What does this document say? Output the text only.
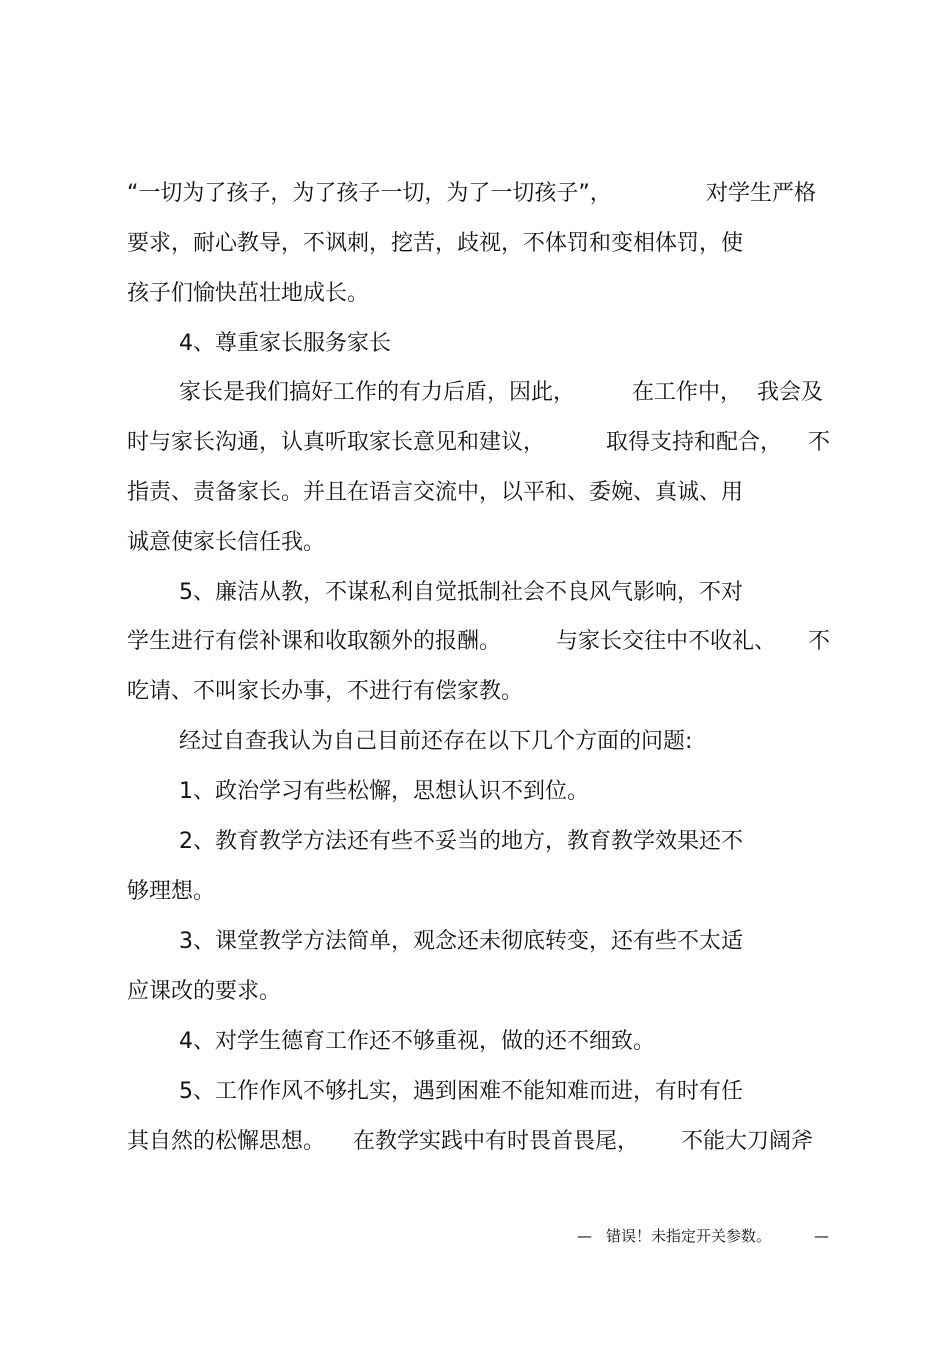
“一切为了孩子，为了孩子一切，为了一切孩子”，	对学生严格
要求，耐心教导，不讽刺，挖苦，歧视，不体罚和变相体罚，使
孩子们愉快茁壮地成长。
4、尊重家长服务家长
家长是我们搞好工作的有力后盾，因此，	在工作中， 我会及
时与家长沟通，认真听取家长意见和建议，	取得支持和配合， 不
指责、责备家长。并且在语言交流中，以平和、委婉、真诚、用
诚意使家长信任我。
5、廉洁从教，不谋私利自觉抵制社会不良风气影响，不对
学生进行有偿补课和收取额外的报酬。 与家长交往中不收礼、 不
吃请、不叫家长办事，不进行有偿家教。
经过自查我认为自己目前还存在以下几个方面的问题:
1、政治学习有些松懈，思想认识不到位。
2、教育教学方法还有些不妥当的地方，教育教学效果还不
够理想。
3、课堂教学方法简单，观念还未彻底转变，还有些不太适
应课改的要求。
4、对学生德育工作还不够重视，做的还不细致。
5、工作作风不够扎实，遇到困难不能知难而进，有时有任
其自然的松懈思想。 在教学实践中有时畏首畏尾， 不能大刀阔斧
— 错误！未指定开关参数。	—
